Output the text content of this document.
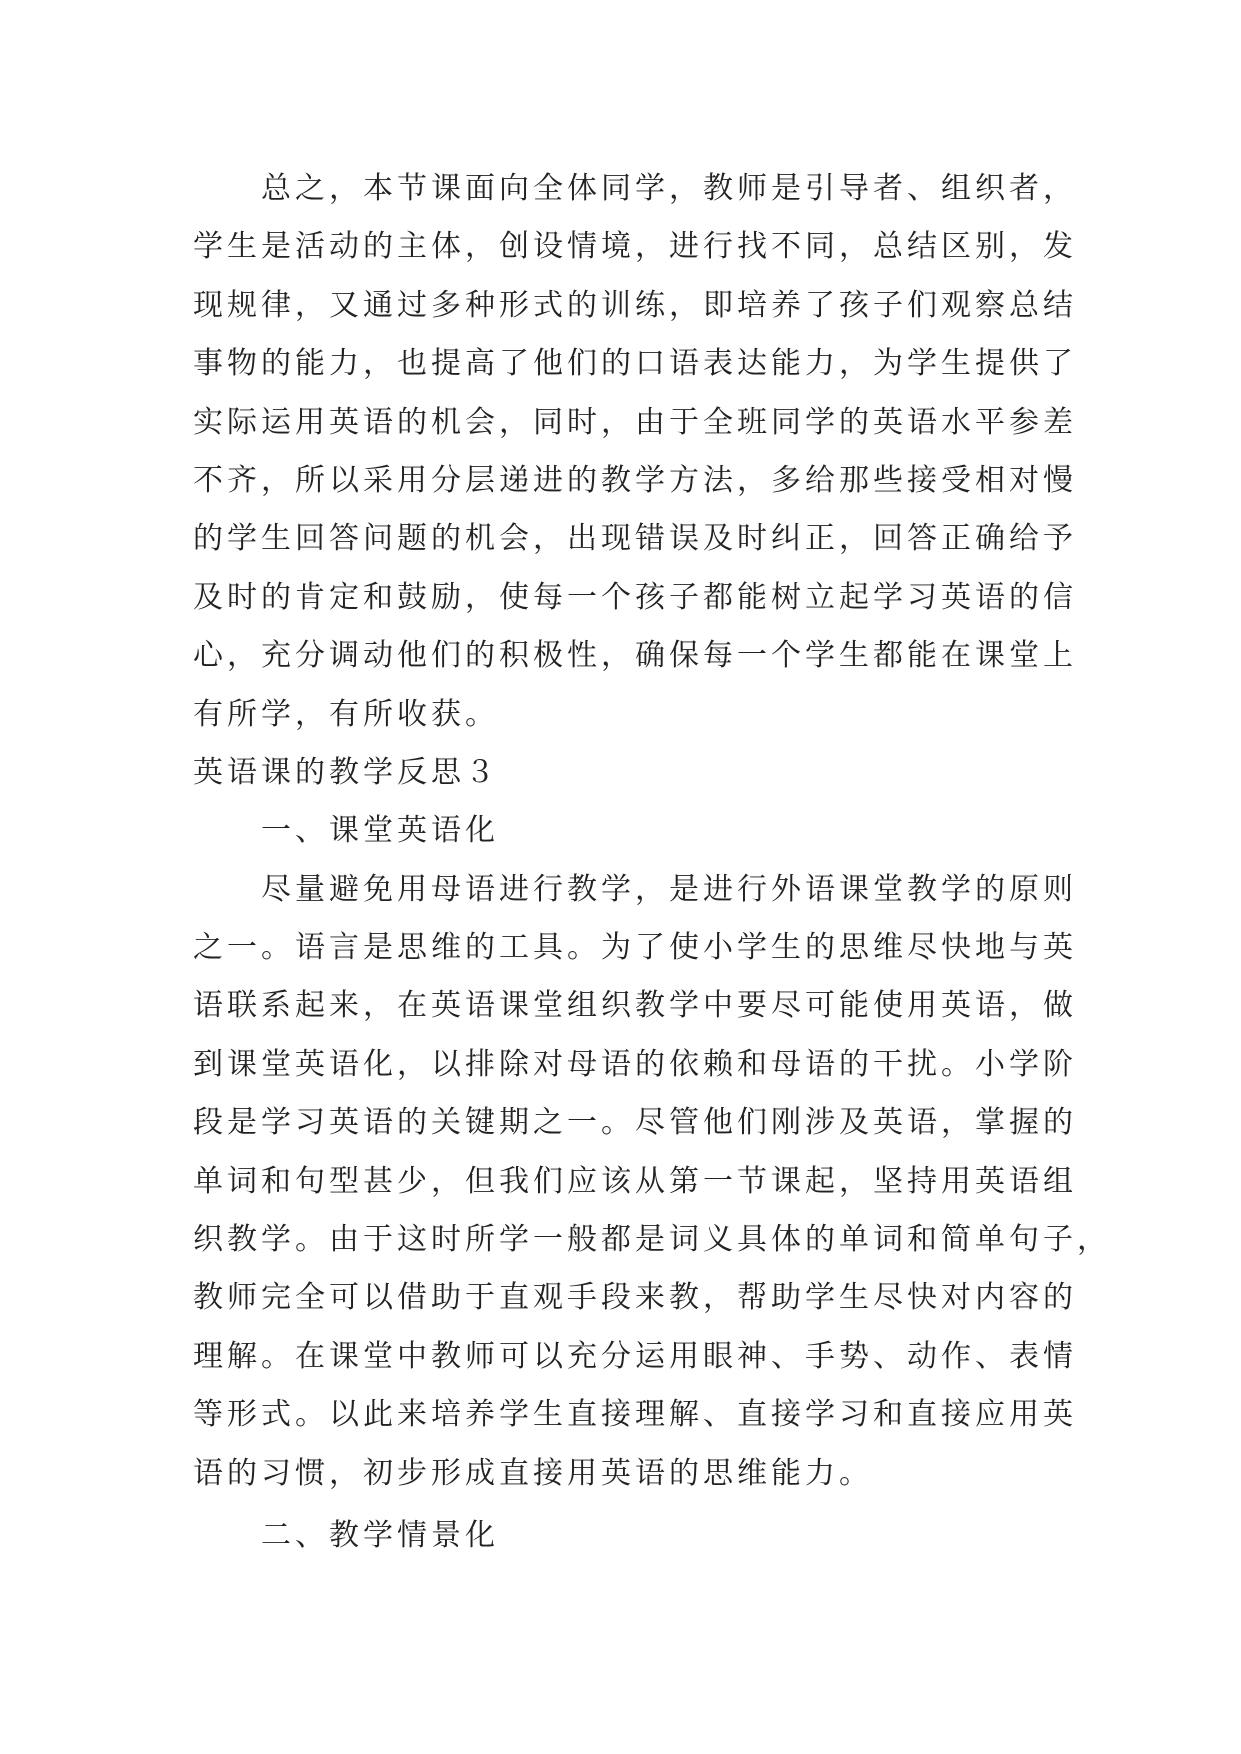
　　总之，本节课面向全体同学，教师是引导者、组织者，
学生是活动的主体，创设情境，进行找不同，总结区别，发
现规律，又通过多种形式的训练，即培养了孩子们观察总结
事物的能力，也提高了他们的口语表达能力，为学生提供了
实际运用英语的机会，同时，由于全班同学的英语水平参差
不齐，所以采用分层递进的教学方法，多给那些接受相对慢
的学生回答问题的机会，出现错误及时纠正，回答正确给予
及时的肯定和鼓励，使每一个孩子都能树立起学习英语的信
心，充分调动他们的积极性，确保每一个学生都能在课堂上
有所学，有所收获。
英语课的教学反思３
　　一、课堂英语化
　　尽量避免用母语进行教学，是进行外语课堂教学的原则
之一。语言是思维的工具。为了使小学生的思维尽快地与英
语联系起来，在英语课堂组织教学中要尽可能使用英语，做
到课堂英语化，以排除对母语的依赖和母语的干扰。小学阶
段是学习英语的关键期之一。尽管他们刚涉及英语，掌握的
单词和句型甚少，但我们应该从第一节课起，坚持用英语组
织教学。由于这时所学一般都是词义具体的单词和简单句子，
教师完全可以借助于直观手段来教，帮助学生尽快对内容的
理解。在课堂中教师可以充分运用眼神、手势、动作、表情
等形式。以此来培养学生直接理解、直接学习和直接应用英
语的习惯，初步形成直接用英语的思维能力。
　　二、教学情景化
